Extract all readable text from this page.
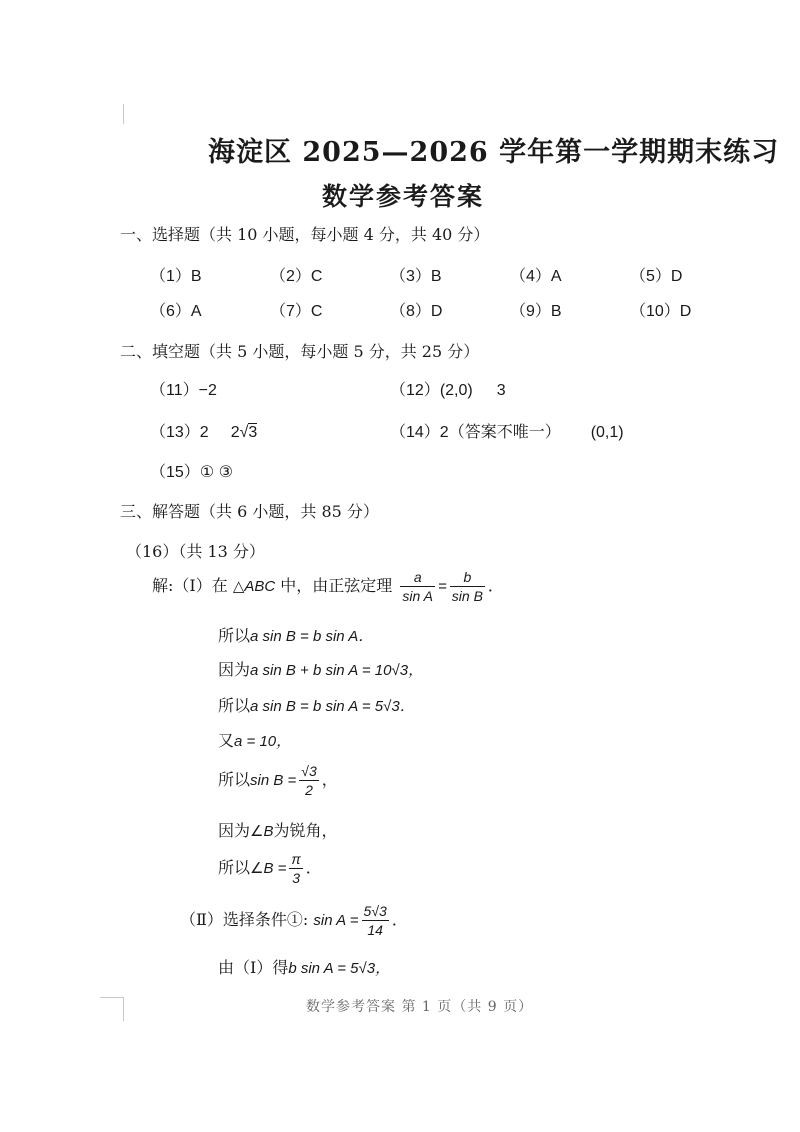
海淀区 2025—2026 学年第一学期期末练习
数学参考答案
一、选择题（共 10 小题，每小题 4 分，共 40 分）
（1）B	（2）C	（3）B	（4）A	（5）D
（6）A	（7）C	（8）D	（9）B	（10）D
二、填空题（共 5 小题，每小题 5 分，共 25 分）
（11）−2	（12）(2,0) 3
（13）2 2√3	（14）2（答案不唯一） (0,1)
（15）① ③
三、解答题（共 6 小题，共 85 分）
（16）（共 13 分）
解:（Ⅰ）在 △ABC 中，由正弦定理 $\frac{a}{\text{sin A}} = \frac{b}{\text{sin B}}$ ．
所以a sin B = b sin A．
因为a sin B + b sin A = 10√3，
所以a sin B = b sin A = 5√3．
又a = 10，
所以$\sin B = \frac{√3}{2}$ ，
因为∠B为锐角，
所以∠B = $\frac{\pi}{3}$ ．
（Ⅱ）选择条件①: $\sin A = \frac{5√3}{14}$ ．
由（Ⅰ）得b sin A = 5√3，
数学参考答案 第 1 页（共 9 页）
